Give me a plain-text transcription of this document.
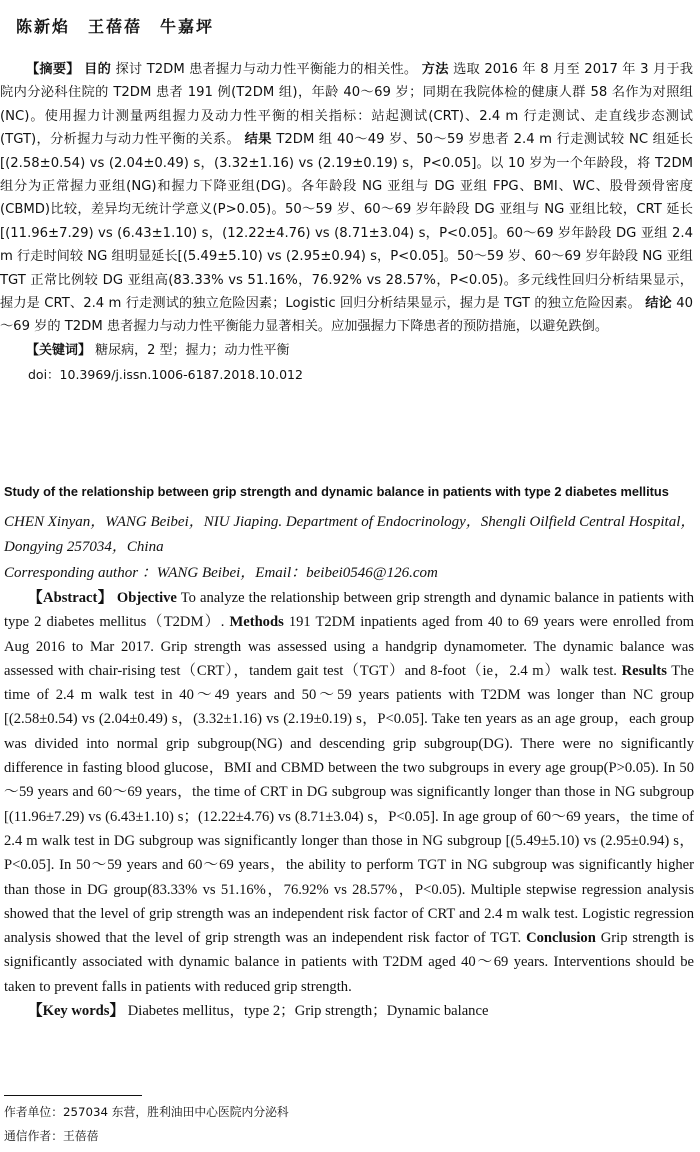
陈新焰　王蓓蓓　牛嘉坪

【摘要】 目的 探讨 T2DM 患者握力与动力性平衡能力的相关性。 方法 选取 2016 年 8 月至 2017 年 3 月于我院内分泌科住院的 T2DM 患者 191 例(T2DM 组)，年龄 40～69 岁；同期在我院体检的健康人群 58 名作为对照组(NC)。使用握力计测量两组握力及动力性平衡的相关指标：站起测试(CRT)、2.4 m 行走测试、走直线步态测试(TGT)，分析握力与动力性平衡的关系。 结果 T2DM 组 40～49 岁、50～59 岁患者 2.4 m 行走测试较 NC 组延长[(2.58±0.54) vs (2.04±0.49) s，(3.32±1.16) vs (2.19±0.19) s，P<0.05]。以 10 岁为一个年龄段，将 T2DM 组分为正常握力亚组(NG)和握力下降亚组(DG)。各年龄段 NG 亚组与 DG 亚组 FPG、BMI、WC、股骨颈骨密度(CBMD)比较，差异均无统计学意义(P>0.05)。50～59 岁、60～69 岁年龄段 DG 亚组与 NG 亚组比较，CRT 延长[(11.96±7.29) vs (6.43±1.10) s，(12.22±4.76) vs (8.71±3.04) s，P<0.05]。60～69 岁年龄段 DG 亚组 2.4 m 行走时间较 NG 组明显延长[(5.49±5.10) vs (2.95±0.94) s，P<0.05]。50～59 岁、60～69 岁年龄段 NG 亚组 TGT 正常比例较 DG 亚组高(83.33% vs 51.16%，76.92% vs 28.57%，P<0.05)。多元线性回归分析结果显示，握力是 CRT、2.4 m 行走测试的独立危险因素；Logistic 回归分析结果显示，握力是 TGT 的独立危险因素。 结论 40～69 岁的 T2DM 患者握力与动力性平衡能力显著相关。应加强握力下降患者的预防措施，以避免跌倒。

【关键词】 糖尿病，2 型；握力；动力性平衡
doi：10.3969/j.issn.1006-6187.2018.10.012
Study of the relationship between grip strength and dynamic balance in patients with type 2 diabetes mellitus
CHEN Xinyan，WANG Beibei，NIU Jiaping. Department of Endocrinology，Shengli Oilfield Central Hospital，Dongying 257034，China
Corresponding author ：WANG Beibei，Email：beibei0546@126.com

【Abstract】 Objective To analyze the relationship between grip strength and dynamic balance in patients with type 2 diabetes mellitus（T2DM）. Methods 191 T2DM inpatients aged from 40 to 69 years were enrolled from Aug 2016 to Mar 2017. Grip strength was assessed using a handgrip dynamometer. The dynamic balance was assessed with chair-rising test（CRT），tandem gait test（TGT）and 8-foot（ie，2.4 m）walk test. Results The time of 2.4 m walk test in 40～49 years and 50～59 years patients with T2DM was longer than NC group [(2.58±0.54) vs (2.04±0.49) s，(3.32±1.16) vs (2.19±0.19) s，P<0.05]. Take ten years as an age group，each group was divided into normal grip subgroup(NG) and descending grip subgroup(DG). There were no significantly difference in fasting blood glucose，BMI and CBMD between the two subgroups in every age group(P>0.05). In 50～59 years and 60～69 years，the time of CRT in DG subgroup was significantly longer than those in NG subgroup [(11.96±7.29) vs (6.43±1.10) s；(12.22±4.76) vs (8.71±3.04) s，P<0.05]. In age group of 60～69 years，the time of 2.4 m walk test in DG subgroup was significantly longer than those in NG subgroup [(5.49±5.10) vs (2.95±0.94) s，P<0.05]. In 50～59 years and 60～69 years，the ability to perform TGT in NG subgroup was significantly higher than those in DG group(83.33% vs 51.16%，76.92% vs 28.57%，P<0.05). Multiple stepwise regression analysis showed that the level of grip strength was an independent risk factor of CRT and 2.4 m walk test. Logistic regression analysis showed that the level of grip strength was an independent risk factor of TGT. Conclusion Grip strength is significantly associated with dynamic balance in patients with T2DM aged 40～69 years. Interventions should be taken to prevent falls in patients with reduced grip strength.

【Key words】 Diabetes mellitus，type 2；Grip strength；Dynamic balance
作者单位：257034 东营，胜利油田中心医院内分泌科
通信作者：王蓓蓓
